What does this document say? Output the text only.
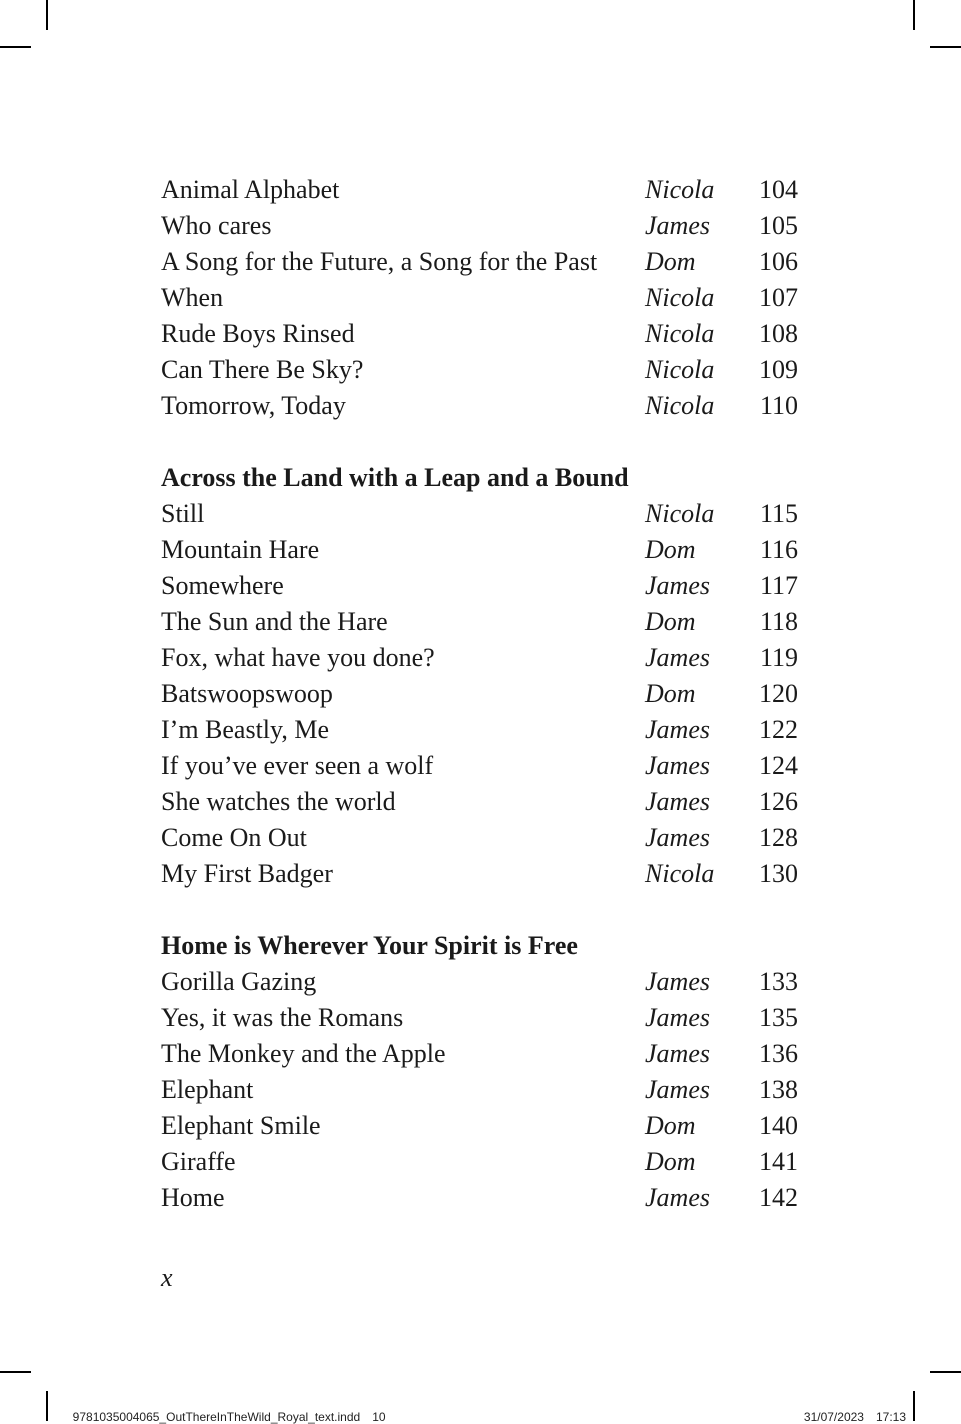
Animal Alphabet	Nicola	104
Who cares	James	105
A Song for the Future, a Song for the Past	Dom	106
When	Nicola	107
Rude Boys Rinsed	Nicola	108
Can There Be Sky?	Nicola	109
Tomorrow, Today	Nicola	110
Across the Land with a Leap and a Bound
Still	Nicola	115
Mountain Hare	Dom	116
Somewhere	James	117
The Sun and the Hare	Dom	118
Fox, what have you done?	James	119
Batswoopswoop	Dom	120
I’m Beastly, Me	James	122
If you’ve ever seen a wolf	James	124
She watches the world	James	126
Come On Out	James	128
My First Badger	Nicola	130
Home is Wherever Your Spirit is Free
Gorilla Gazing	James	133
Yes, it was the Romans	James	135
The Monkey and the Apple	James	136
Elephant	James	138
Elephant Smile	Dom	140
Giraffe	Dom	141
Home	James	142
x

9781035004065_OutThereInTheWild_Royal_text.indd 10	31/07/2023 17:13
